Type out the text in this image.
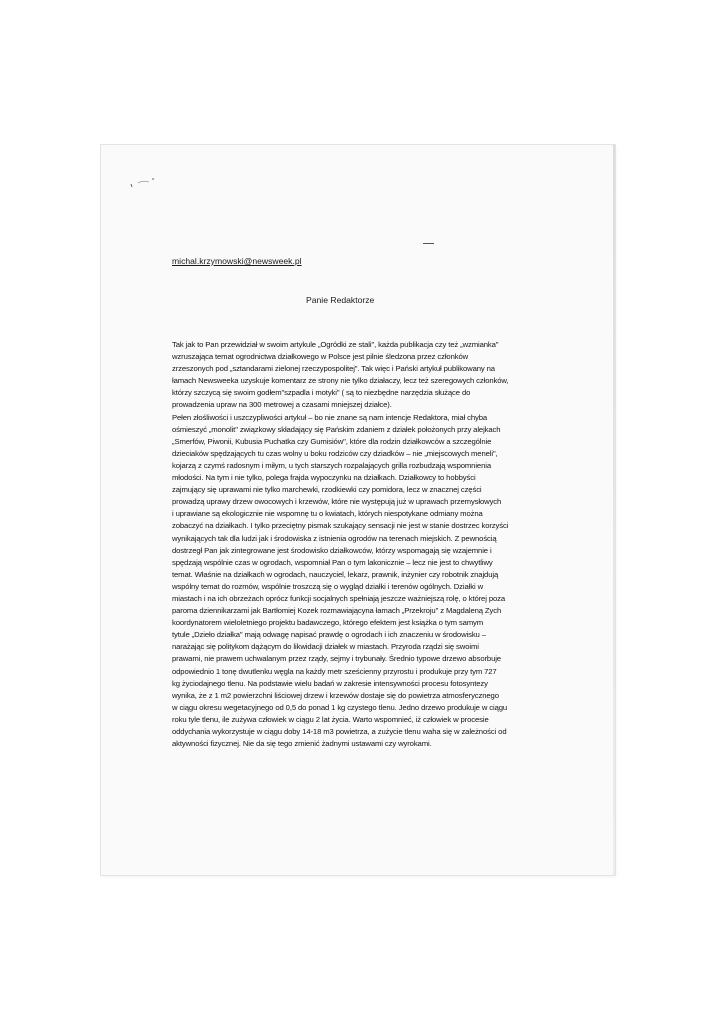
michal.krzymowski@newsweek.pl
Panie Redaktorze
Tak jak to Pan przewidział w swoim artykule „Ogródki ze stali", każda publikacja czy też „wzmianka"
wzruszająca temat ogrodnictwa działkowego w Polsce jest pilnie śledzona przez członków
zrzeszonych pod „sztandarami zielonej rzeczypospolitej". Tak więc i Pański artykuł publikowany na
łamach Newsweeka uzyskuje komentarz ze strony nie tylko działaczy, lecz też szeregowych członków,
którzy szczycą się swoim godłem"szpadla i motyki" ( są to niezbędne narzędzia służące do
prowadzenia upraw na 300 metrowej a czasami mniejszej działce).
Pełen złośliwości i uszczypliwości artykuł – bo nie znane są nam intencje Redaktora, miał chyba
ośmieszyć „monolit" związkowy składający się Pańskim zdaniem z działek położonych przy alejkach
„Smerfów, Piwonii, Kubusia Puchatka czy Gumisiów", które dla rodzin działkowców a szczególnie
dzieciaków spędzających tu czas wolny u boku rodziców czy dziadków – nie „miejscowych meneli",
kojarzą z czymś radosnym i miłym, u tych starszych rozpalających grilla rozbudzają wspomnienia
młodości. Na tym i nie tylko, polega frajda wypoczynku na działkach. Działkowcy to hobbyści
zajmujący się uprawami nie tylko marchewki, rzodkiewki czy pomidora, lecz w znacznej części
prowadzą uprawy drzew owocowych i krzewów, które nie występują już w uprawach przemysłowych
i uprawiane są ekologicznie nie wspomnę tu o kwiatach, których niespotykane odmiany można
zobaczyć na działkach. I tylko przeciętny pismak szukający sensacji nie jest w stanie dostrzec korzyści
wynikających tak dla ludzi jak i środowiska z istnienia ogrodów na terenach miejskich. Z pewnością
dostrzegł Pan jak zintegrowane jest środowisko działkowców, którzy wspomagają się wzajemnie i
spędzają wspólnie czas w ogrodach, wspomniał Pan o tym lakonicznie – lecz nie jest to chwytliwy
temat. Właśnie na działkach w ogrodach, nauczyciel, lekarz, prawnik, inżynier czy robotnik znajdują
wspólny temat do rozmów, wspólnie troszczą się o wygląd działki i terenów ogólnych. Działki w
miastach i na ich obrzeżach oprócz funkcji socjalnych spełniają jeszcze ważniejszą rolę, o której poza
paroma dziennikarzami jak Bartłomiej Kozek rozmawiającyna łamach „Przekroju" z Magdaleną Zych
koordynatorem wieloletniego projektu badawczego, którego efektem jest książka o tym samym
tytule „Dzieło działka" mają odwagę napisać prawdę o ogrodach i ich znaczeniu w środowisku –
narażając się politykom dążącym do likwidacji działek w miastach. Przyroda rządzi się swoimi
prawami, nie prawem uchwalanym przez rządy, sejmy i trybunały. Średnio typowe drzewo absorbuje
odpowiednio 1 tonę dwutlenku węgla na każdy metr sześcienny przyrostu i produkuje przy tym 727
kg życiodajnego tlenu. Na podstawie wielu badań w zakresie intensywności procesu fotosyntezy
wynika, że z 1 m2 powierzchni liściowej drzew i krzewów dostaje się do powietrza atmosferycznego
w ciągu okresu wegetacyjnego od 0,5 do ponad 1 kg czystego tlenu. Jedno drzewo produkuje w ciągu
roku tyle tlenu, ile zużywa człowiek w ciągu 2 lat życia. Warto wspomnieć, iż człowiek w procesie
oddychania wykorzystuje w ciągu doby 14-18 m3 powietrza, a zużycie tlenu waha się w zależności od
aktywności fizycznej. Nie da się tego zmienić żadnymi ustawami czy wyrokami.
